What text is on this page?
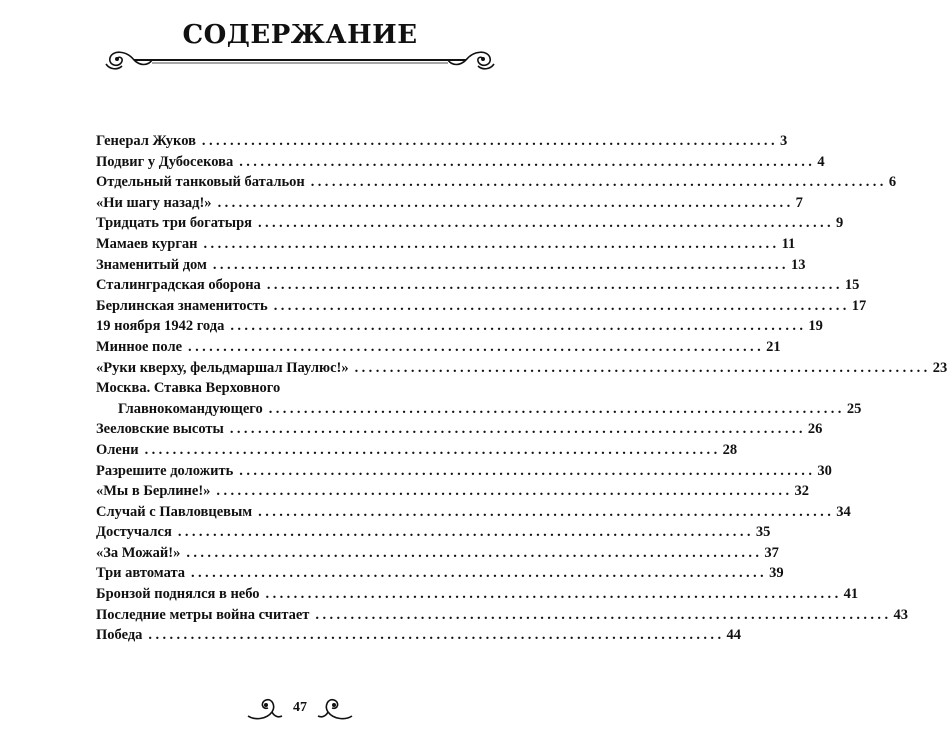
СОДЕРЖАНИЕ
Генерал Жуков .................................................................................. 3
Подвиг у Дубосекова .................................................................................. 4
Отдельный танковый батальон .................................................................................. 6
«Ни шагу назад!» .................................................................................. 7
Тридцать три богатыря .................................................................................. 9
Мамаев курган .................................................................................. 11
Знаменитый дом .................................................................................. 13
Сталинградская оборона .................................................................................. 15
Берлинская знаменитость .................................................................................. 17
19 ноября 1942 года .................................................................................. 19
Минное поле .................................................................................. 21
«Руки кверху, фельдмаршал Паулюс!» .................................................................................. 23
Москва. Ставка Верховного
Главнокомандующего .................................................................................. 25
Зееловские высоты .................................................................................. 26
Олени .................................................................................. 28
Разрешите доложить .................................................................................. 30
«Мы в Берлине!» .................................................................................. 32
Случай с Павловцевым .................................................................................. 34
Достучался .................................................................................. 35
«За Можай!» .................................................................................. 37
Три автомата .................................................................................. 39
Бронзой поднялся в небо .................................................................................. 41
Последние метры война считает .................................................................................. 43
Победа .................................................................................. 44
47
